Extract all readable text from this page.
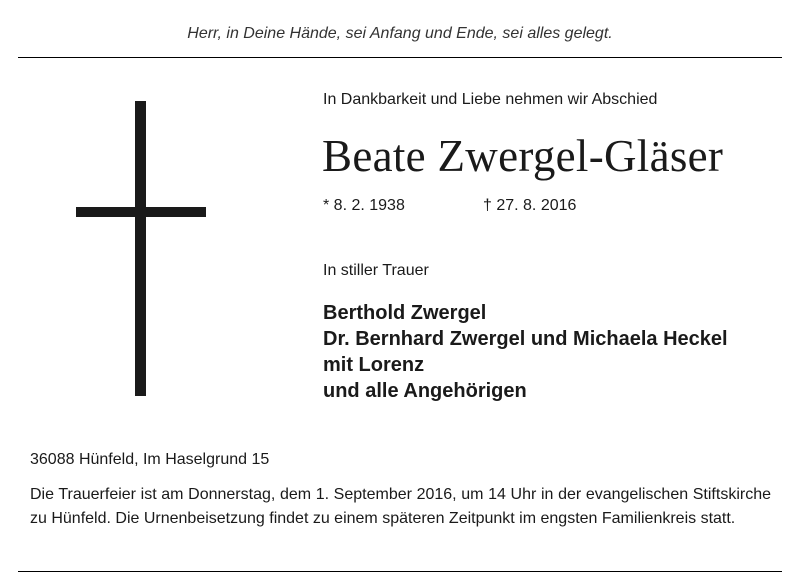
Herr, in Deine Hände, sei Anfang und Ende, sei alles gelegt.
In Dankbarkeit und Liebe nehmen wir Abschied
Beate Zwergel-Gläser
* 8. 2. 1938	† 27. 8. 2016
In stiller Trauer
Berthold Zwergel
Dr. Bernhard Zwergel und Michaela Heckel
mit Lorenz
und alle Angehörigen
36088 Hünfeld, Im Haselgrund 15
Die Trauerfeier ist am Donnerstag, dem 1. September 2016, um 14 Uhr in der evangelischen Stiftskirche zu Hünfeld. Die Urnenbeisetzung findet zu einem späteren Zeitpunkt im engsten Familienkreis statt.
